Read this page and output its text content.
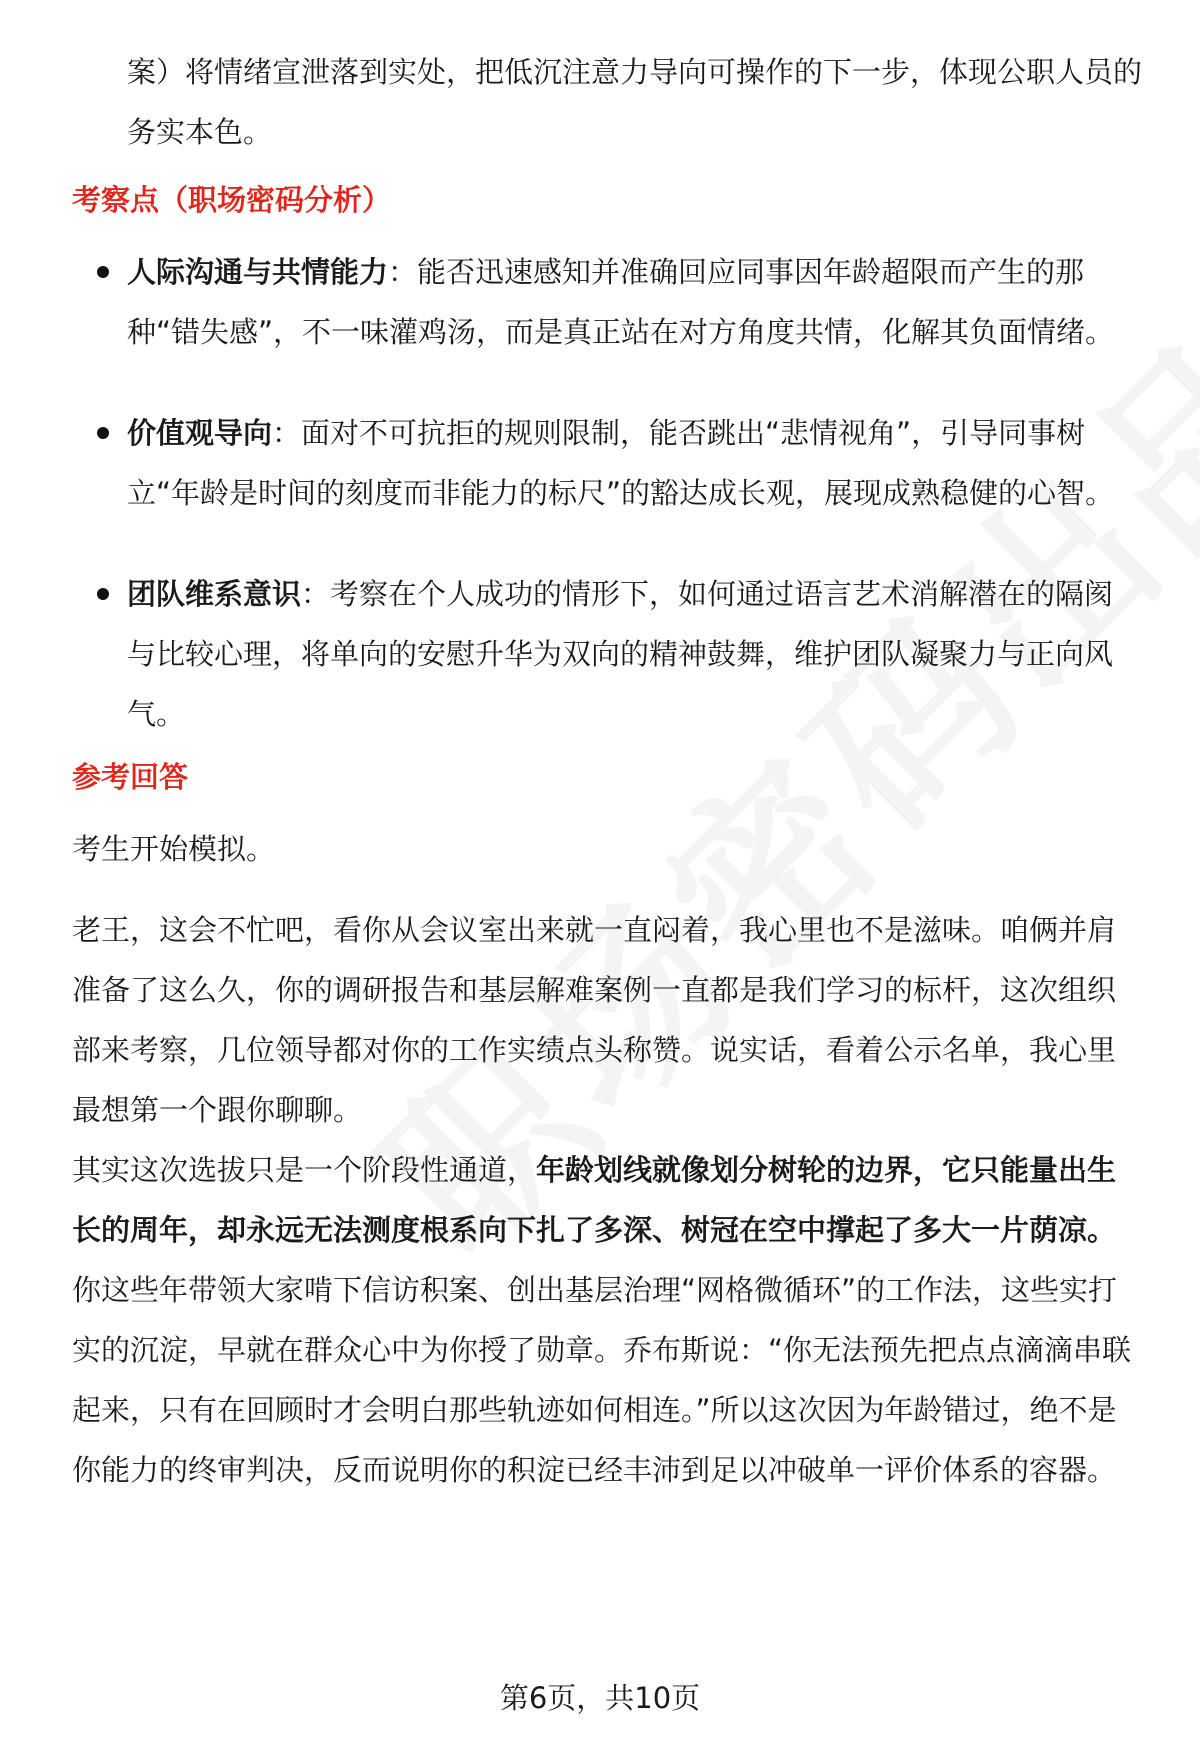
案）将情绪宣泄落到实处，把低沉注意力导向可操作的下一步，体现公职人员的务实本色。

考察点（职场密码分析）
人际沟通与共情能力：能否迅速感知并准确回应同事因年龄超限而产生的那种“错失感”，不一味灌鸡汤，而是真正站在对方角度共情，化解其负面情绪。
价值观导向：面对不可抗拒的规则限制，能否跳出“悲情视角”，引导同事树立“年龄是时间的刻度而非能力的标尺”的豁达成长观，展现成熟稳健的心智。
团队维系意识：考察在个人成功的情形下，如何通过语言艺术消解潜在的隔阂与比较心理，将单向的安慰升华为双向的精神鼓舞，维护团队凝聚力与正向风气。
参考回答

考生开始模拟。

老王，这会不忙吧，看你从会议室出来就一直闷着，我心里也不是滋味。咱俩并肩准备了这么久，你的调研报告和基层解难案例一直都是我们学习的标杆，这次组织部来考察，几位领导都对你的工作实绩点头称赞。说实话，看着公示名单，我心里最想第一个跟你聊聊。

其实这次选拔只是一个阶段性通道，年龄划线就像划分树轮的边界，它只能量出生长的周年，却永远无法测度根系向下扎了多深、树冠在空中撑起了多大一片荫凉。你这些年带领大家啃下信访积案、创出基层治理“网格微循环”的工作法，这些实打实的沉淀，早就在群众心中为你授了勋章。乔布斯说：“你无法预先把点点滴滴串联起来，只有在回顾时才会明白那些轨迹如何相连。”所以这次因为年龄错过，绝不是你能力的终审判决，反而说明你的积淀已经丰沛到足以冲破单一评价体系的容器。

第6页，共10页
